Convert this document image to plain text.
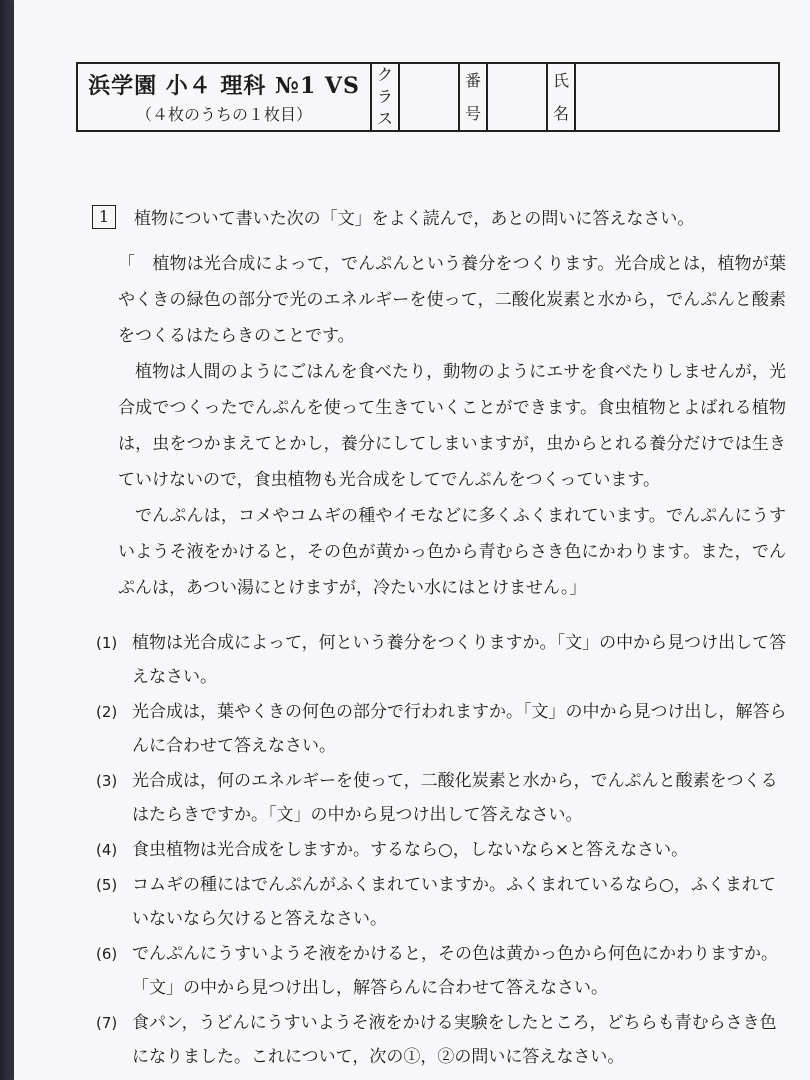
浜学園 小４ 理科 №1 VS
（４枚のうちの１枚目）
ク
ラ
ス
番
号
氏
名
1	植物について書いた次の「文」をよく読んで，あとの問いに答えなさい。

「　植物は光合成によって，でんぷんという養分をつくります。光合成とは，植物が葉やくきの緑色の部分で光のエネルギーを使って，二酸化炭素と水から，でんぷんと酸素をつくるはたらきのことです。

植物は人間のようにごはんを食べたり，動物のようにエサを食べたりしませんが，光合成でつくったでんぷんを使って生きていくことができます。食虫植物とよばれる植物は，虫をつかまえてとかし，養分にしてしまいますが，虫からとれる養分だけでは生きていけないので，食虫植物も光合成をしてでんぷんをつくっています。

でんぷんは，コメやコムギの種やイモなどに多くふくまれています。でんぷんにうすいようそ液をかけると，その色が黄かっ色から青むらさき色にかわります。また，でんぷんは，あつい湯にとけますが，冷たい水にはとけません。」

(1) 植物は光合成によって，何という養分をつくりますか。「文」の中から見つけ出して答えなさい。
(2) 光合成は，葉やくきの何色の部分で行われますか。「文」の中から見つけ出し，解答らんに合わせて答えなさい。
(3) 光合成は，何のエネルギーを使って，二酸化炭素と水から，でんぷんと酸素をつくるはたらきですか。「文」の中から見つけ出して答えなさい。
(4) 食虫植物は光合成をしますか。するなら○，しないなら×と答えなさい。
(5) コムギの種にはでんぷんがふくまれていますか。ふくまれているなら○，ふくまれていないなら欠けると答えなさい。
(6) でんぷんにうすいようそ液をかけると，その色は黄かっ色から何色にかわりますか。「文」の中から見つけ出し，解答らんに合わせて答えなさい。
(7) 食パン，うどんにうすいようそ液をかける実験をしたところ，どちらも青むらさき色になりました。これについて，次の①，②の問いに答えなさい。
